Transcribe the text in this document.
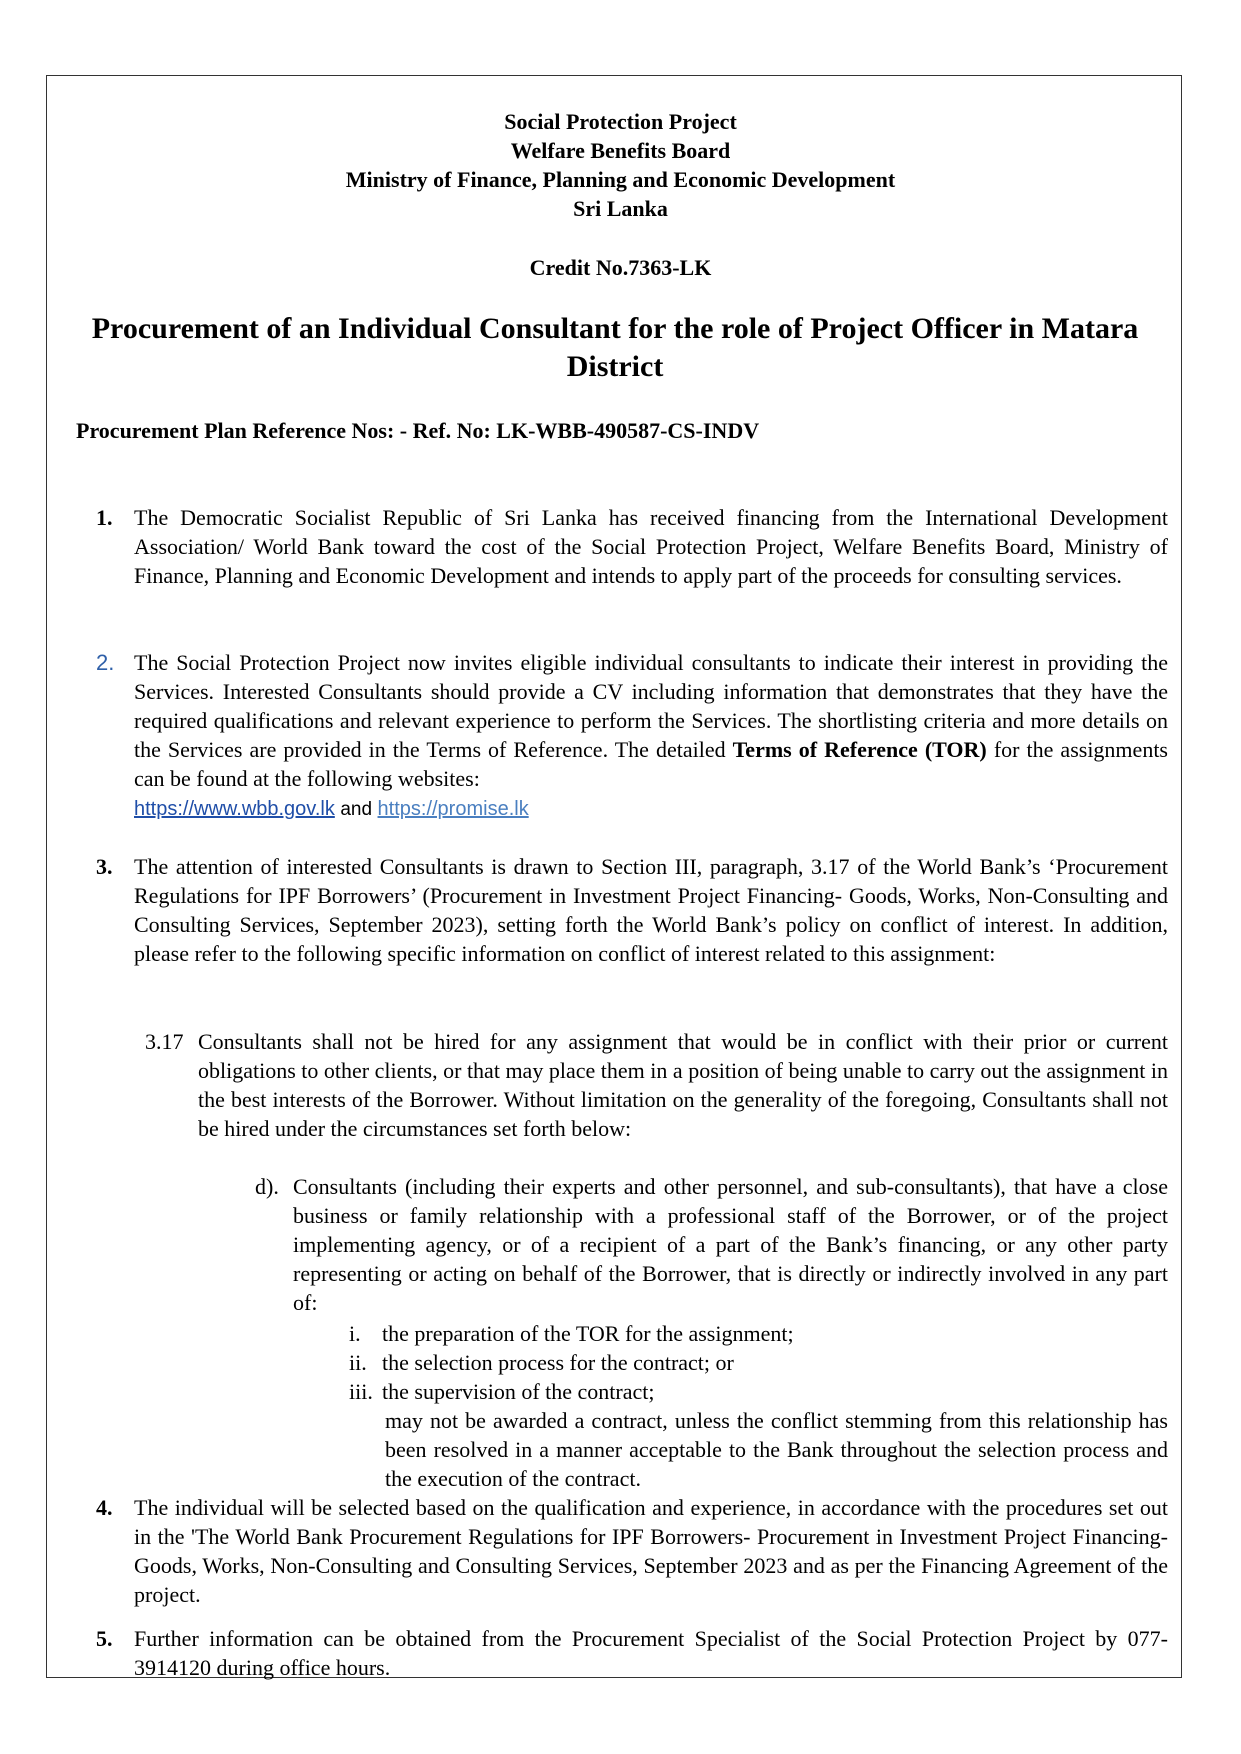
Social Protection Project
Welfare Benefits Board
Ministry of Finance, Planning and Economic Development
Sri Lanka
Credit No.7363-LK
Procurement of an Individual Consultant for the role of Project Officer in Matara District
Procurement Plan Reference Nos: - Ref. No: LK-WBB-490587-CS-INDV
1. The Democratic Socialist Republic of Sri Lanka has received financing from the International Development Association/ World Bank toward the cost of the Social Protection Project, Welfare Benefits Board, Ministry of Finance, Planning and Economic Development and intends to apply part of the proceeds for consulting services.
2. The Social Protection Project now invites eligible individual consultants to indicate their interest in providing the Services. Interested Consultants should provide a CV including information that demonstrates that they have the required qualifications and relevant experience to perform the Services. The shortlisting criteria and more details on the Services are provided in the Terms of Reference. The detailed Terms of Reference (TOR) for the assignments can be found at the following websites:
https://www.wbb.gov.lk and https://promise.lk
3. The attention of interested Consultants is drawn to Section III, paragraph, 3.17 of the World Bank’s ‘Procurement Regulations for IPF Borrowers’ (Procurement in Investment Project Financing- Goods, Works, Non-Consulting and Consulting Services, September 2023), setting forth the World Bank’s policy on conflict of interest. In addition, please refer to the following specific information on conflict of interest related to this assignment:
3.17 Consultants shall not be hired for any assignment that would be in conflict with their prior or current obligations to other clients, or that may place them in a position of being unable to carry out the assignment in the best interests of the Borrower. Without limitation on the generality of the foregoing, Consultants shall not be hired under the circumstances set forth below:
d). Consultants (including their experts and other personnel, and sub-consultants), that have a close business or family relationship with a professional staff of the Borrower, or of the project implementing agency, or of a recipient of a part of the Bank’s financing, or any other party representing or acting on behalf of the Borrower, that is directly or indirectly involved in any part of:
i. the preparation of the TOR for the assignment;
ii. the selection process for the contract; or
iii. the supervision of the contract;
may not be awarded a contract, unless the conflict stemming from this relationship has been resolved in a manner acceptable to the Bank throughout the selection process and the execution of the contract.
4. The individual will be selected based on the qualification and experience, in accordance with the procedures set out in the 'The World Bank Procurement Regulations for IPF Borrowers- Procurement in Investment Project Financing- Goods, Works, Non-Consulting and Consulting Services, September 2023 and as per the Financing Agreement of the project.
5. Further information can be obtained from the Procurement Specialist of the Social Protection Project by 077-3914120 during office hours.
